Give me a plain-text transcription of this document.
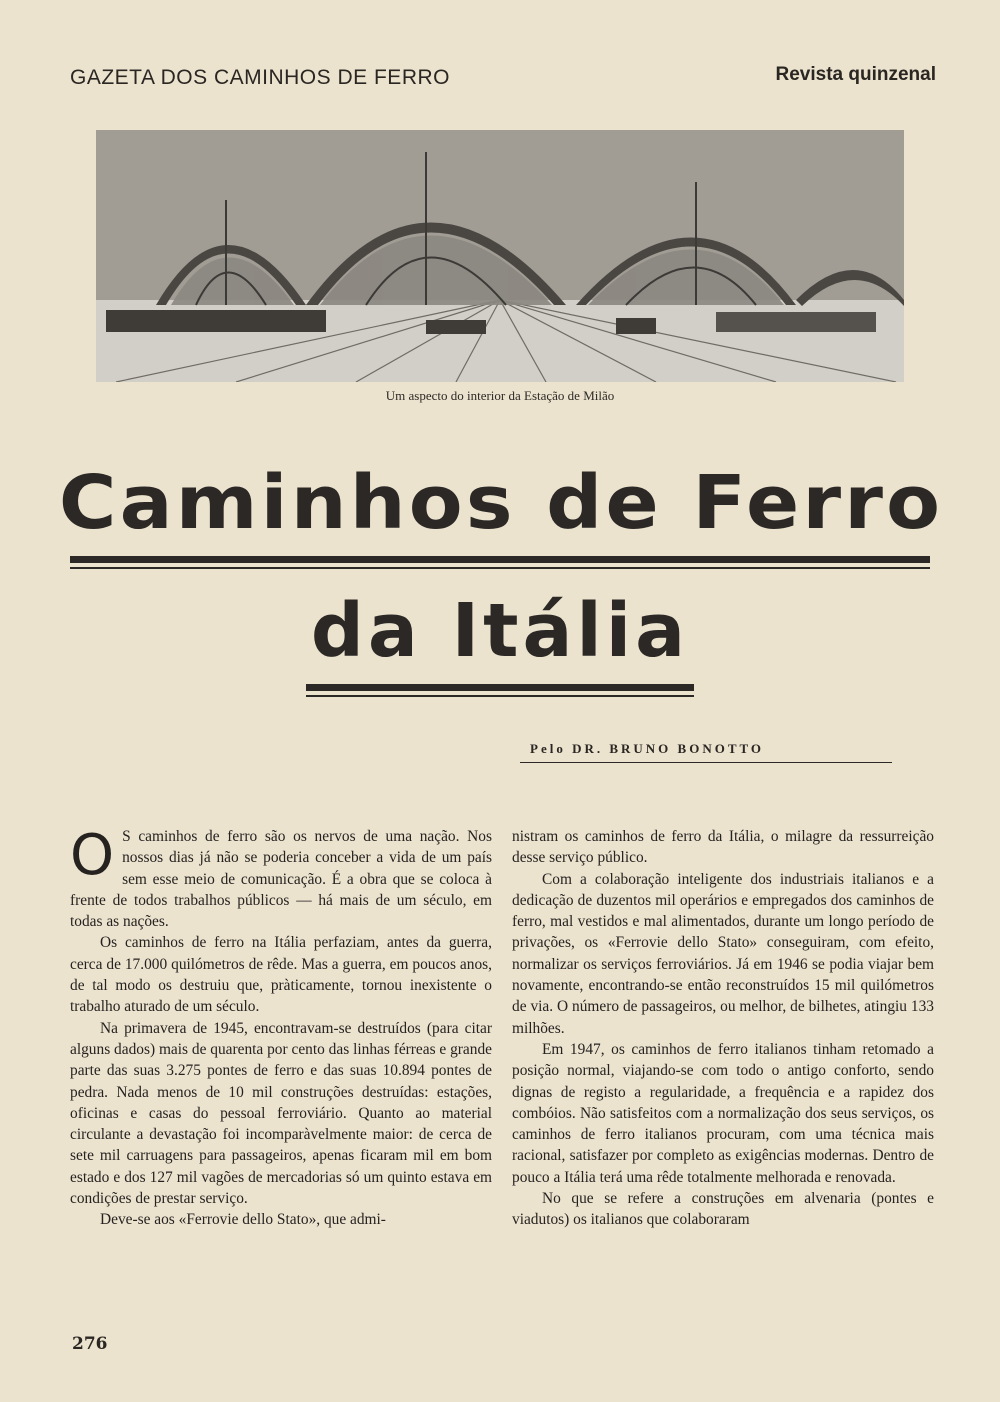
GAZETA DOS CAMINHOS DE FERRO	Revista quinzenal
Um aspecto do interior da Estação de Milão
Caminhos de Ferro
da Itália
Pelo DR. BRUNO BONOTTO

O S caminhos de ferro são os nervos de uma nação. Nos nossos dias já não se poderia conceber a vida de um país sem esse meio de comunicação. É a obra que se coloca à frente de todos trabalhos públicos — há mais de um século, em todas as nações.

Os caminhos de ferro na Itália perfaziam, antes da guerra, cerca de 17.000 quilómetros de rêde. Mas a guerra, em poucos anos, de tal modo os destruiu que, pràticamente, tornou inexistente o trabalho aturado de um século.

Na primavera de 1945, encontravam-se destruídos (para citar alguns dados) mais de quarenta por cento das linhas férreas e grande parte das suas 3.275 pontes de ferro e das suas 10.894 pontes de pedra. Nada menos de 10 mil construções destruídas: estações, oficinas e casas do pessoal ferroviário. Quanto ao material circulante a devastação foi incomparàvelmente maior: de cerca de sete mil carruagens para passageiros, apenas ficaram mil em bom estado e dos 127 mil vagões de mercadorias só um quinto estava em condições de prestar serviço.

Deve-se aos «Ferrovie dello Stato», que admi-

nistram os caminhos de ferro da Itália, o milagre da ressurreição desse serviço público.

Com a colaboração inteligente dos industriais italianos e a dedicação de duzentos mil operários e empregados dos caminhos de ferro, mal vestidos e mal alimentados, durante um longo período de privações, os «Ferrovie dello Stato» conseguiram, com efeito, normalizar os serviços ferroviários. Já em 1946 se podia viajar bem novamente, encontrando-se então reconstruídos 15 mil quilómetros de via. O número de passageiros, ou melhor, de bilhetes, atingiu 133 milhões.

Em 1947, os caminhos de ferro italianos tinham retomado a posição normal, viajando-se com todo o antigo conforto, sendo dignas de registo a regularidade, a frequência e a rapidez dos combóios. Não satisfeitos com a normalização dos seus serviços, os caminhos de ferro italianos procuram, com uma técnica mais racional, satisfazer por completo as exigências modernas. Dentro de pouco a Itália terá uma rêde totalmente melhorada e renovada.

No que se refere a construções em alvenaria (pontes e viadutos) os italianos que colaboraram

276
